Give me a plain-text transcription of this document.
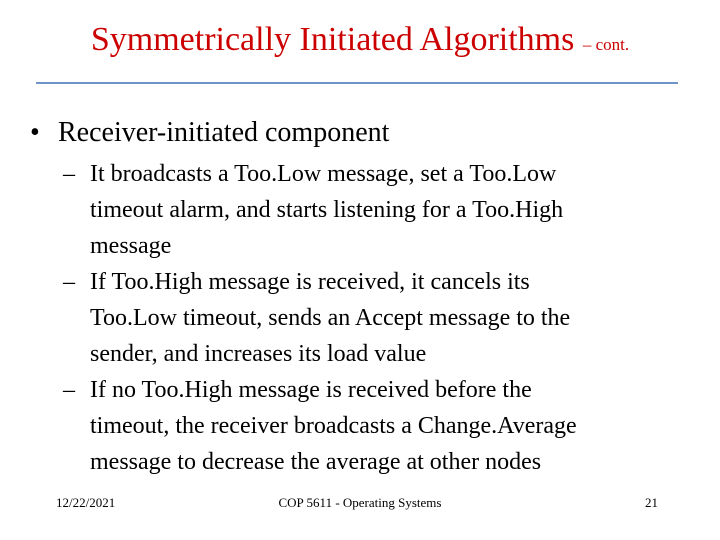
Symmetrically Initiated Algorithms – cont.
• Receiver-initiated component
– It broadcasts a Too.Low message, set a Too.Low
timeout alarm, and starts listening for a Too.High
message
– If Too.High message is received, it cancels its
Too.Low timeout, sends an Accept message to the
sender, and increases its load value
– If no Too.High message is received before the
timeout, the receiver broadcasts a Change.Average
message to decrease the average at other nodes
12/22/2021	COP 5611 - Operating Systems	21
